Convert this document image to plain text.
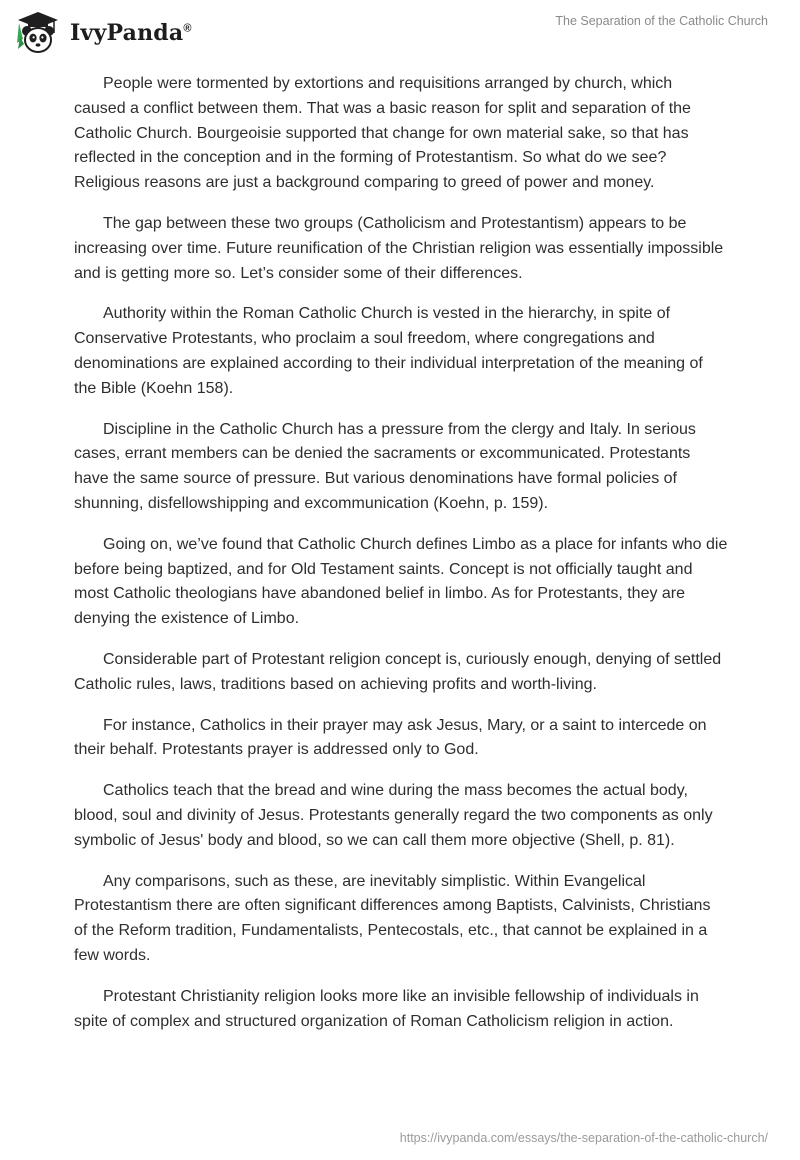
IvyPanda®
The Separation of the Catholic Church

People were tormented by extortions and requisitions arranged by church, which caused a conflict between them. That was a basic reason for split and separation of the Catholic Church. Bourgeoisie supported that change for own material sake, so that has reflected in the conception and in the forming of Protestantism. So what do we see? Religious reasons are just a background comparing to greed of power and money.

The gap between these two groups (Catholicism and Protestantism) appears to be increasing over time. Future reunification of the Christian religion was essentially impossible and is getting more so. Let’s consider some of their differences.

Authority within the Roman Catholic Church is vested in the hierarchy, in spite of Conservative Protestants, who proclaim a soul freedom, where congregations and denominations are explained according to their individual interpretation of the meaning of the Bible (Koehn 158).

Discipline in the Catholic Church has a pressure from the clergy and Italy. In serious cases, errant members can be denied the sacraments or excommunicated. Protestants have the same source of pressure. But various denominations have formal policies of shunning, disfellowshipping and excommunication (Koehn, p. 159).

Going on, we’ve found that Catholic Church defines Limbo as a place for infants who die before being baptized, and for Old Testament saints. Concept is not officially taught and most Catholic theologians have abandoned belief in limbo. As for Protestants, they are denying the existence of Limbo.

Considerable part of Protestant religion concept is, curiously enough, denying of settled Catholic rules, laws, traditions based on achieving profits and worth-living.

For instance, Catholics in their prayer may ask Jesus, Mary, or a saint to intercede on their behalf. Protestants prayer is addressed only to God.

Catholics teach that the bread and wine during the mass becomes the actual body, blood, soul and divinity of Jesus. Protestants generally regard the two components as only symbolic of Jesus' body and blood, so we can call them more objective (Shell, p. 81).

Any comparisons, such as these, are inevitably simplistic. Within Evangelical Protestantism there are often significant differences among Baptists, Calvinists, Christians of the Reform tradition, Fundamentalists, Pentecostals, etc., that cannot be explained in a few words.

Protestant Christianity religion looks more like an invisible fellowship of individuals in spite of complex and structured organization of Roman Catholicism religion in action.

https://ivypanda.com/essays/the-separation-of-the-catholic-church/
